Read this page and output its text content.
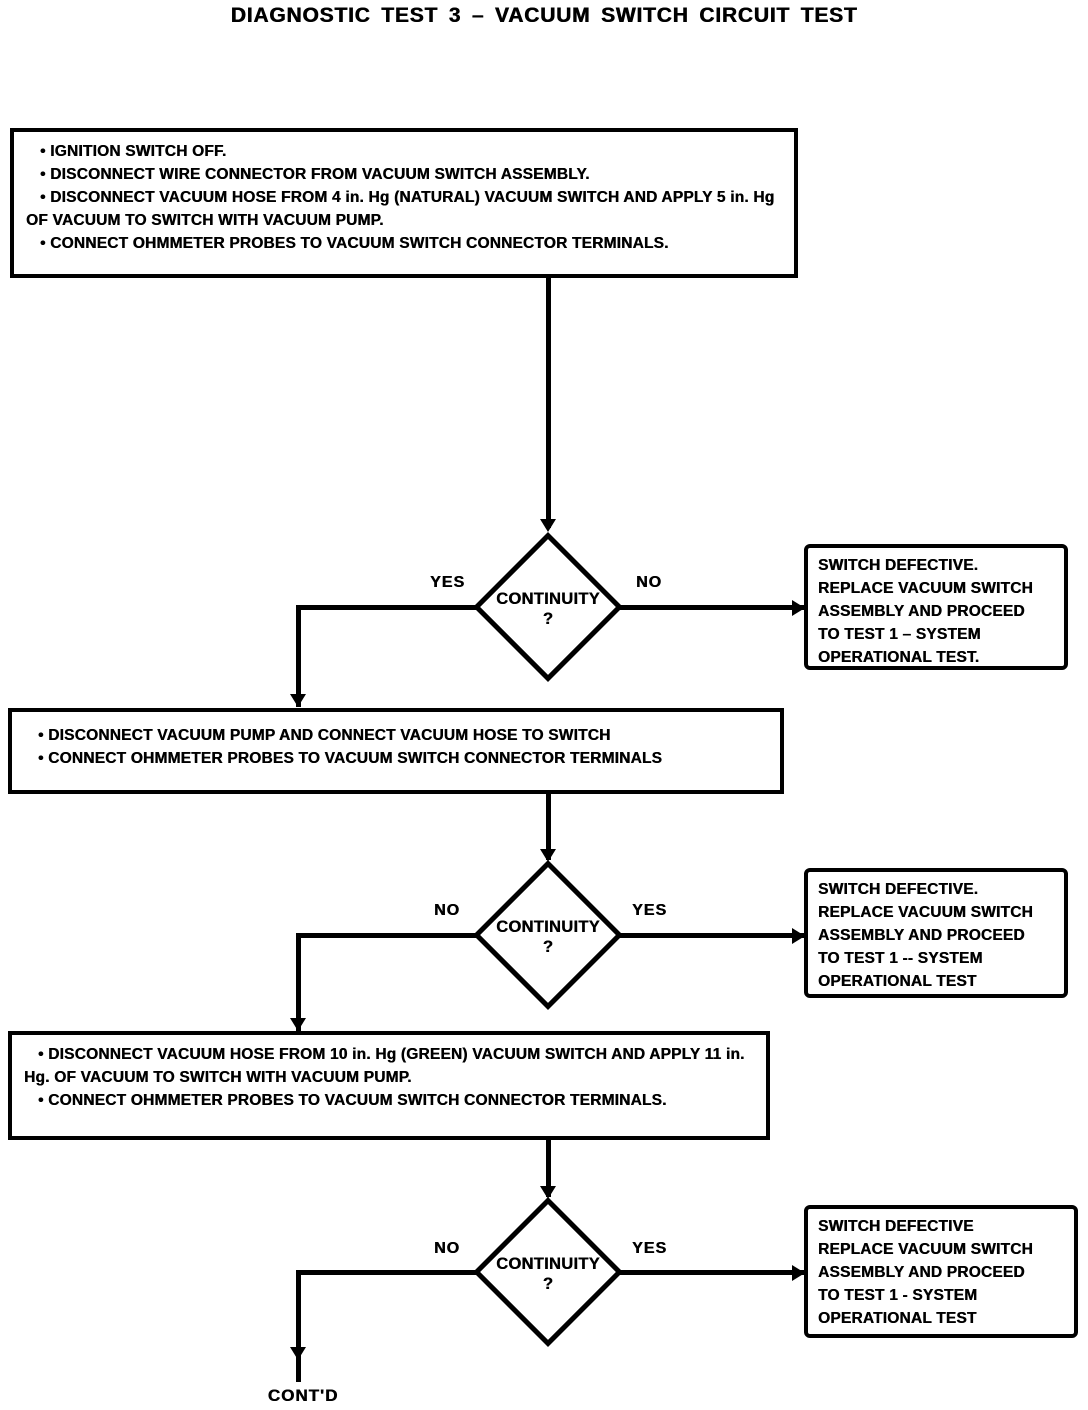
DIAGNOSTIC TEST 3 – VACUUM SWITCH CIRCUIT TEST
• IGNITION SWITCH OFF.
• DISCONNECT WIRE CONNECTOR FROM VACUUM SWITCH ASSEMBLY.
• DISCONNECT VACUUM HOSE FROM 4 in. Hg (NATURAL) VACUUM SWITCH AND APPLY 5 in. Hg OF VACUUM TO SWITCH WITH VACUUM PUMP.
• CONNECT OHMMETER PROBES TO VACUUM SWITCH CONNECTOR TERMINALS.
CONTINUITY
?
YES	NO
SWITCH DEFECTIVE.
REPLACE VACUUM SWITCH
ASSEMBLY AND PROCEED
TO TEST 1 – SYSTEM
OPERATIONAL TEST.
• DISCONNECT VACUUM PUMP AND CONNECT VACUUM HOSE TO SWITCH
• CONNECT OHMMETER PROBES TO VACUUM SWITCH CONNECTOR TERMINALS
CONTINUITY
?
NO	YES
SWITCH DEFECTIVE.
REPLACE VACUUM SWITCH
ASSEMBLY AND PROCEED
TO TEST 1 -- SYSTEM
OPERATIONAL TEST
• DISCONNECT VACUUM HOSE FROM 10 in. Hg (GREEN) VACUUM SWITCH AND APPLY 11 in. Hg. OF VACUUM TO SWITCH WITH VACUUM PUMP.
• CONNECT OHMMETER PROBES TO VACUUM SWITCH CONNECTOR TERMINALS.
CONTINUITY
?
NO	YES
SWITCH DEFECTIVE
REPLACE VACUUM SWITCH
ASSEMBLY AND PROCEED
TO TEST 1 - SYSTEM
OPERATIONAL TEST
CONT'D
